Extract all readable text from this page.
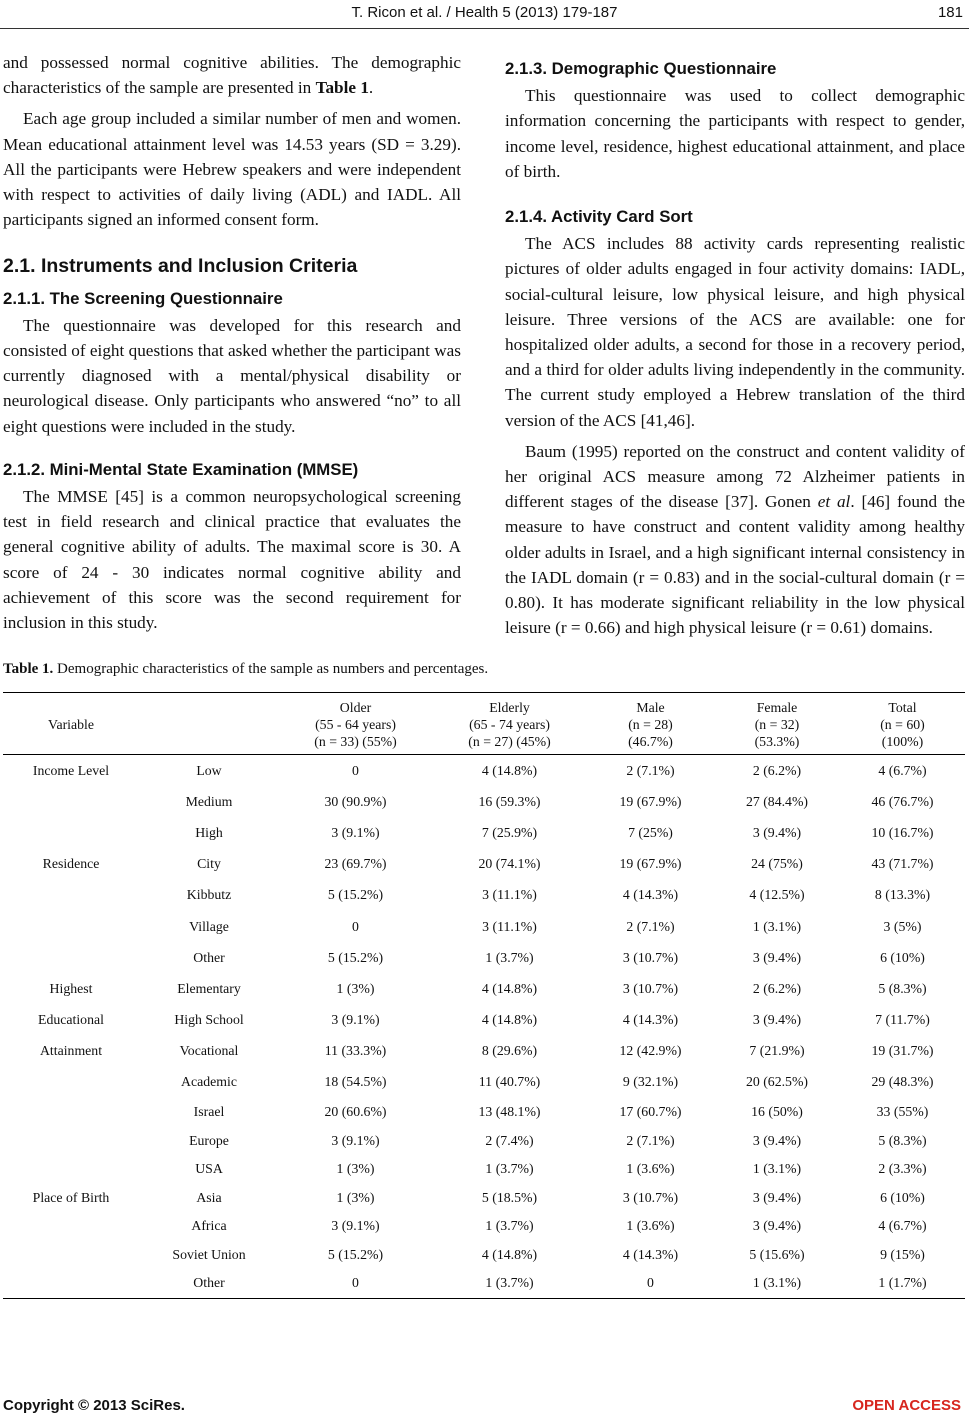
T. Ricon et al. / Health 5 (2013) 179-187	181

and possessed normal cognitive abilities. The demographic characteristics of the sample are presented in Table 1.

Each age group included a similar number of men and women. Mean educational attainment level was 14.53 years (SD = 3.29). All the participants were Hebrew speakers and were independent with respect to activities of daily living (ADL) and IADL. All participants signed an informed consent form.

2.1. Instruments and Inclusion Criteria
2.1.1. The Screening Questionnaire

The questionnaire was developed for this research and consisted of eight questions that asked whether the participant was currently diagnosed with a mental/physical disability or neurological disease. Only participants who answered “no” to all eight questions were included in the study.

2.1.2. Mini-Mental State Examination (MMSE)

The MMSE [45] is a common neuropsychological screening test in field research and clinical practice that evaluates the general cognitive ability of adults. The maximal score is 30. A score of 24 - 30 indicates normal cognitive ability and achievement of this score was the second requirement for inclusion in this study.

2.1.3. Demographic Questionnaire

This questionnaire was used to collect demographic information concerning the participants with respect to gender, income level, residence, highest educational attainment, and place of birth.

2.1.4. Activity Card Sort

The ACS includes 88 activity cards representing realistic pictures of older adults engaged in four activity domains: IADL, social-cultural leisure, low physical leisure, and high physical leisure. Three versions of the ACS are available: one for hospitalized older adults, a second for those in a recovery period, and a third for older adults living independently in the community. The current study employed a Hebrew translation of the third version of the ACS [41,46].

Baum (1995) reported on the construct and content validity of her original ACS measure among 72 Alzheimer patients in different stages of the disease [37]. Gonen et al. [46] found the measure to have construct and content validity among healthy older adults in Israel, and a high significant internal consistency in the IADL domain (r = 0.83) and in the social-cultural domain (r = 0.80). It has moderate significant reliability in the low physical leisure (r = 0.66) and high physical leisure (r = 0.61) domains.

Table 1. Demographic characteristics of the sample as numbers and percentages.
Variable		Older
(55 - 64 years)
(n = 33) (55%)	Elderly
(65 - 74 years)
(n = 27) (45%)	Male
(n = 28)
(46.7%)	Female
(n = 32)
(53.3%)	Total
(n = 60)
(100%)
Income Level	Low	0	4 (14.8%)	2 (7.1%)	2 (6.2%)	4 (6.7%)
	Medium	30 (90.9%)	16 (59.3%)	19 (67.9%)	27 (84.4%)	46 (76.7%)
	High	3 (9.1%)	7 (25.9%)	7 (25%)	3 (9.4%)	10 (16.7%)
Residence	City	23 (69.7%)	20 (74.1%)	19 (67.9%)	24 (75%)	43 (71.7%)
	Kibbutz	5 (15.2%)	3 (11.1%)	4 (14.3%)	4 (12.5%)	8 (13.3%)
	Village	0	3 (11.1%)	2 (7.1%)	1 (3.1%)	3 (5%)
	Other	5 (15.2%)	1 (3.7%)	3 (10.7%)	3 (9.4%)	6 (10%)
Highest	Elementary	1 (3%)	4 (14.8%)	3 (10.7%)	2 (6.2%)	5 (8.3%)
Educational	High School	3 (9.1%)	4 (14.8%)	4 (14.3%)	3 (9.4%)	7 (11.7%)
Attainment	Vocational	11 (33.3%)	8 (29.6%)	12 (42.9%)	7 (21.9%)	19 (31.7%)
	Academic	18 (54.5%)	11 (40.7%)	9 (32.1%)	20 (62.5%)	29 (48.3%)
	Israel	20 (60.6%)	13 (48.1%)	17 (60.7%)	16 (50%)	33 (55%)
	Europe	3 (9.1%)	2 (7.4%)	2 (7.1%)	3 (9.4%)	5 (8.3%)
	USA	1 (3%)	1 (3.7%)	1 (3.6%)	1 (3.1%)	2 (3.3%)
Place of Birth	Asia	1 (3%)	5 (18.5%)	3 (10.7%)	3 (9.4%)	6 (10%)
	Africa	3 (9.1%)	1 (3.7%)	1 (3.6%)	3 (9.4%)	4 (6.7%)
	Soviet Union	5 (15.2%)	4 (14.8%)	4 (14.3%)	5 (15.6%)	9 (15%)
	Other	0	1 (3.7%)	0	1 (3.1%)	1 (1.7%)
Copyright © 2013 SciRes.	OPEN ACCESS
